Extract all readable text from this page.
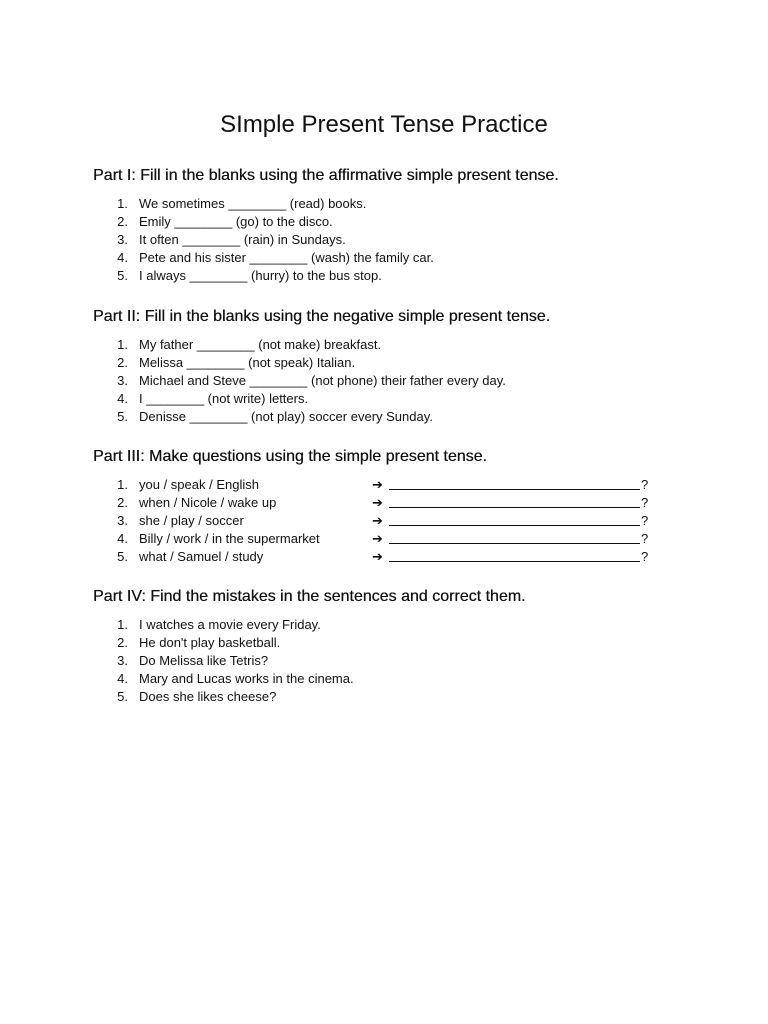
SImple Present Tense Practice
Part I: Fill in the blanks using the affirmative simple present tense.
1. We sometimes ________ (read) books.
2. Emily ________ (go) to the disco.
3. It often ________ (rain) in Sundays.
4. Pete and his sister ________ (wash) the family car.
5. I always ________ (hurry) to the bus stop.
Part II: Fill in the blanks using the negative simple present tense.
1. My father ________ (not make) breakfast.
2. Melissa ________ (not speak) Italian.
3. Michael and Steve ________ (not phone) their father every day.
4. I ________ (not write) letters.
5. Denisse ________ (not play) soccer every Sunday.
Part III: Make questions using the simple present tense.
1. you / speak / English	➔	?
2. when / Nicole / wake up	➔	?
3. she / play / soccer	➔	?
4. Billy / work / in the supermarket	➔	?
5. what / Samuel / study	➔	?
Part IV: Find the mistakes in the sentences and correct them.
1. I watches a movie every Friday.
2. He don't play basketball.
3. Do Melissa like Tetris?
4. Mary and Lucas works in the cinema.
5. Does she likes cheese?
